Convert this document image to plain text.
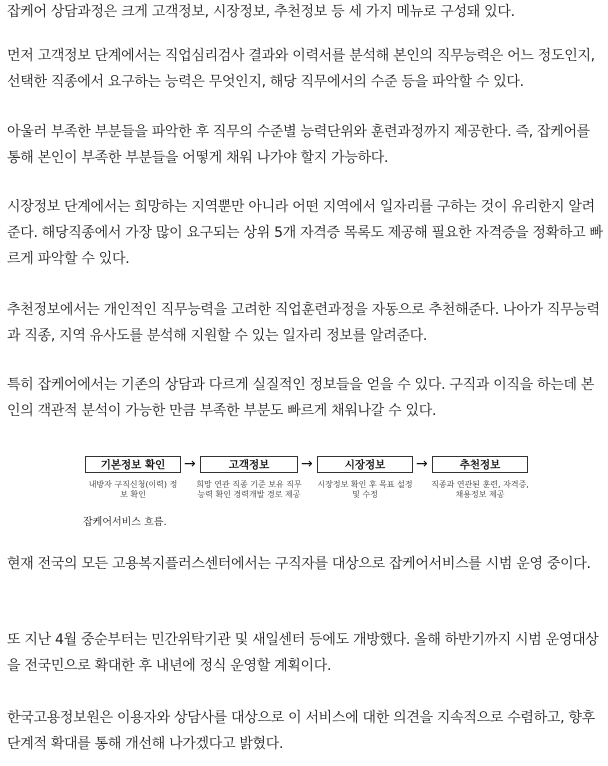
잡케어 상담과정은 크게 고객정보, 시장정보, 추천정보 등 세 가지 메뉴로 구성돼 있다.

먼저 고객정보 단계에서는 직업심리검사 결과와 이력서를 분석해 본인의 직무능력은 어느 정도인지, 선택한 직종에서 요구하는 능력은 무엇인지, 해당 직무에서의 수준 등을 파악할 수 있다.

아울러 부족한 부분들을 파악한 후 직무의 수준별 능력단위와 훈련과정까지 제공한다. 즉, 잡케어를 통해 본인이 부족한 부분들을 어떻게 채워 나가야 할지 가능하다.

시장정보 단계에서는 희망하는 지역뿐만 아니라 어떤 지역에서 일자리를 구하는 것이 유리한지 알려준다. 해당직종에서 가장 많이 요구되는 상위 5개 자격증 목록도 제공해 필요한 자격증을 정확하고 빠르게 파악할 수 있다.

추천정보에서는 개인적인 직무능력을 고려한 직업훈련과정을 자동으로 추천해준다. 나아가 직무능력과 직종, 지역 유사도를 분석해 지원할 수 있는 일자리 정보를 알려준다.

특히 잡케어에서는 기존의 상담과 다르게 실질적인 정보들을 얻을 수 있다. 구직과 이직을 하는데 본인의 객관적 분석이 가능한 만큼 부족한 부분도 빠르게 채워나갈 수 있다.

기본정보 확인	→	고객정보	→	시장정보	→	추천정보
내방자 구직신청(이력) 정보 확인
희망 연관 직종 기준 보유 직무능력 확인 경력개발 경로 제공
시장정보 확인 후 목표 설정 및 수정
직종과 연관된 훈련, 자격증, 채용정보 제공
잡케어서비스 흐름.

현재 전국의 모든 고용복지플러스센터에서는 구직자를 대상으로 잡케어서비스를 시범 운영 중이다.

또 지난 4월 중순부터는 민간위탁기관 및 새일센터 등에도 개방했다. 올해 하반기까지 시범 운영대상을 전국민으로 확대한 후 내년에 정식 운영할 계획이다.

한국고용정보원은 이용자와 상담사를 대상으로 이 서비스에 대한 의견을 지속적으로 수렴하고, 향후 단계적 확대를 통해 개선해 나가겠다고 밝혔다.
